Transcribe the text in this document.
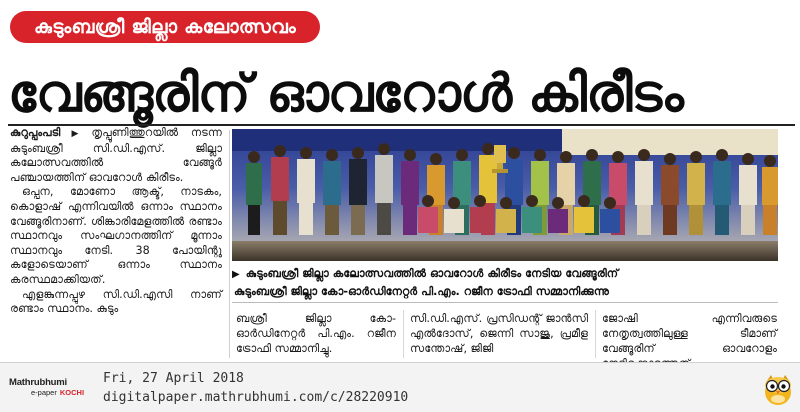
കുടുംബശ്രീ ജില്ലാ കലോത്സവം
വേങ്ങൂരിന് ഓവറോൾ കിരീടം

കുറുപ്പംപടി ▶ തൃപ്പൂണിത്തുറയിൽ നടന്ന കുടുംബശ്രീ സി.ഡി.എസ്. ജില്ലാ കലോത്സവത്തിൽ വേങ്ങൂർ പഞ്ചായത്തിന് ഓവറോൾ കിരീടം.

ഒപ്പന, മോണോ ആക്ട്, നാടകം, കൊളാഷ് എന്നിവയിൽ ഒന്നാം സ്ഥാനം വേങ്ങൂരിനാണ്. ശിങ്കാരിമേളത്തിൽ രണ്ടാം സ്ഥാനവും സംഘഗാനത്തിന് മൂന്നാം സ്ഥാനവും നേടി. 38 പോയിന്റു കളോടെയാണ് ഒന്നാം സ്ഥാനം കരസ്ഥമാക്കിയത്.

എളങ്കുന്നപ്പുഴ സി.ഡി.എസി നാണ് രണ്ടാം സ്ഥാനം. കുടും

▶ കുടുംബശ്രീ ജില്ലാ കലോത്സവത്തിൽ ഓവറോൾ കിരീടം നേടിയ വേങ്ങൂരിന്
കുടുംബശ്രീ ജില്ലാ കോ-ഓർഡിനേറ്റർ പി.എം. റജീന ട്രോഫി സമ്മാനിക്കുന്നു

ബശ്രീ ജില്ലാ കോ-ഓർഡിനേറ്റർ പി.എം. റജീന ട്രോഫി സമ്മാനിച്ചു.

സി.ഡി.എസ്. പ്രസിഡന്റ് ജാൻസി എൽദോസ്, ജെന്നി സാജു, പ്രമീള സന്തോഷ്, ജിജി

ജോഷി എന്നിവരുടെ നേതൃത്വത്തിലുള്ള ടീമാണ് വേങ്ങൂരിന് ഓവറോളം

Mathrubhumi
e-paper KOCHI
Fri, 27 April 2018
digitalpaper.mathrubhumi.com/c/28220910
